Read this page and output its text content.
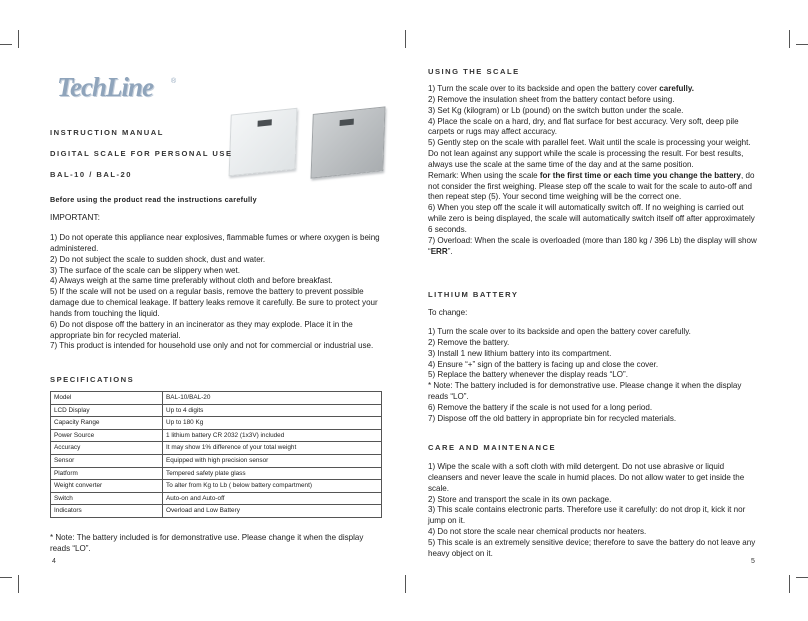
TechLine	®
INSTRUCTION MANUAL
DIGITAL SCALE FOR PERSONAL USE
BAL-10 / BAL-20

Before using the product read the instructions carefully

IMPORTANT:

1) Do not operate this appliance near explosives, flammable fumes or where oxygen is being administered.

2) Do not subject the scale to sudden shock, dust and water.

3) The surface of the scale can be slippery when wet.

4) Always weigh at the same time preferably without cloth and before breakfast.

5) If the scale will not be used on a regular basis, remove the battery to prevent possible damage due to chemical leakage. If battery leaks remove it carefully. Be sure to protect your hands from touching the liquid.

6) Do not dispose off the battery in an incinerator as they may explode. Place it in the appropriate bin for recycled material.

7) This product is intended for household use only and not for commercial or industrial use.

SPECIFICATIONS
Model	BAL-10/BAL-20
LCD Display	Up to 4 digits
Capacity Range	Up to 180 Kg
Power Source	1 lithium battery CR 2032 (1x3V) included
Accuracy	It may show 1% difference of your total weight
Sensor	Equipped with high precision sensor
Platform	Tempered safety plate glass
Weight converter	To alter from Kg to Lb ( below battery compartment)
Switch	Auto-on and Auto-off
Indicators	Overload and Low Battery

* Note: The battery included is for demonstrative use. Please change it when the display reads “LO”.

4
USING THE SCALE

1) Turn the scale over to its backside and open the battery cover carefully.

2) Remove the insulation sheet from the battery contact before using.

3) Set Kg (kilogram) or Lb (pound) on the switch button under the scale.

4) Place the scale on a hard, dry, and flat surface for best accuracy. Very soft, deep pile carpets or rugs may affect accuracy.

5) Gently step on the scale with parallel feet. Wait until the scale is processing your weight. Do not lean against any support while the scale is processing the result. For best results, always use the scale at the same time of the day and at the same position.

Remark: When using the scale for the first time or each time you change the battery, do not consider the first weighing. Please step off the scale to wait for the scale to auto-off and then repeat step (5). Your second time weighing will be the correct one.

6) When you step off the scale it will automatically switch off. If no weighing is carried out while zero is being displayed, the scale will automatically switch itself off after approximately 6 seconds.

7) Overload: When the scale is overloaded (more than 180 kg / 396 Lb) the display will show “ERR”.

LITHIUM BATTERY

To change:

1) Turn the scale over to its backside and open the battery cover carefully.

2) Remove the battery.

3) Install 1 new lithium battery into its compartment.

4) Ensure “+” sign of the battery is facing up and close the cover.

5) Replace the battery whenever the display reads “LO”.

* Note: The battery included is for demonstrative use. Please change it when the display reads “LO”.

6) Remove the battery if the scale is not used for a long period.

7) Dispose off the old battery in appropriate bin for recycled materials.

CARE AND MAINTENANCE

1) Wipe the scale with a soft cloth with mild detergent. Do not use abrasive or liquid cleansers and never leave the scale in humid places. Do not allow water to get inside the scale.

2) Store and transport the scale in its own package.

3) This scale contains electronic parts. Therefore use it carefully: do not drop it, kick it nor jump on it.

4) Do not store the scale near chemical products nor heaters.

5) This scale is an extremely sensitive device; therefore to save the battery do not leave any heavy object on it.

5
